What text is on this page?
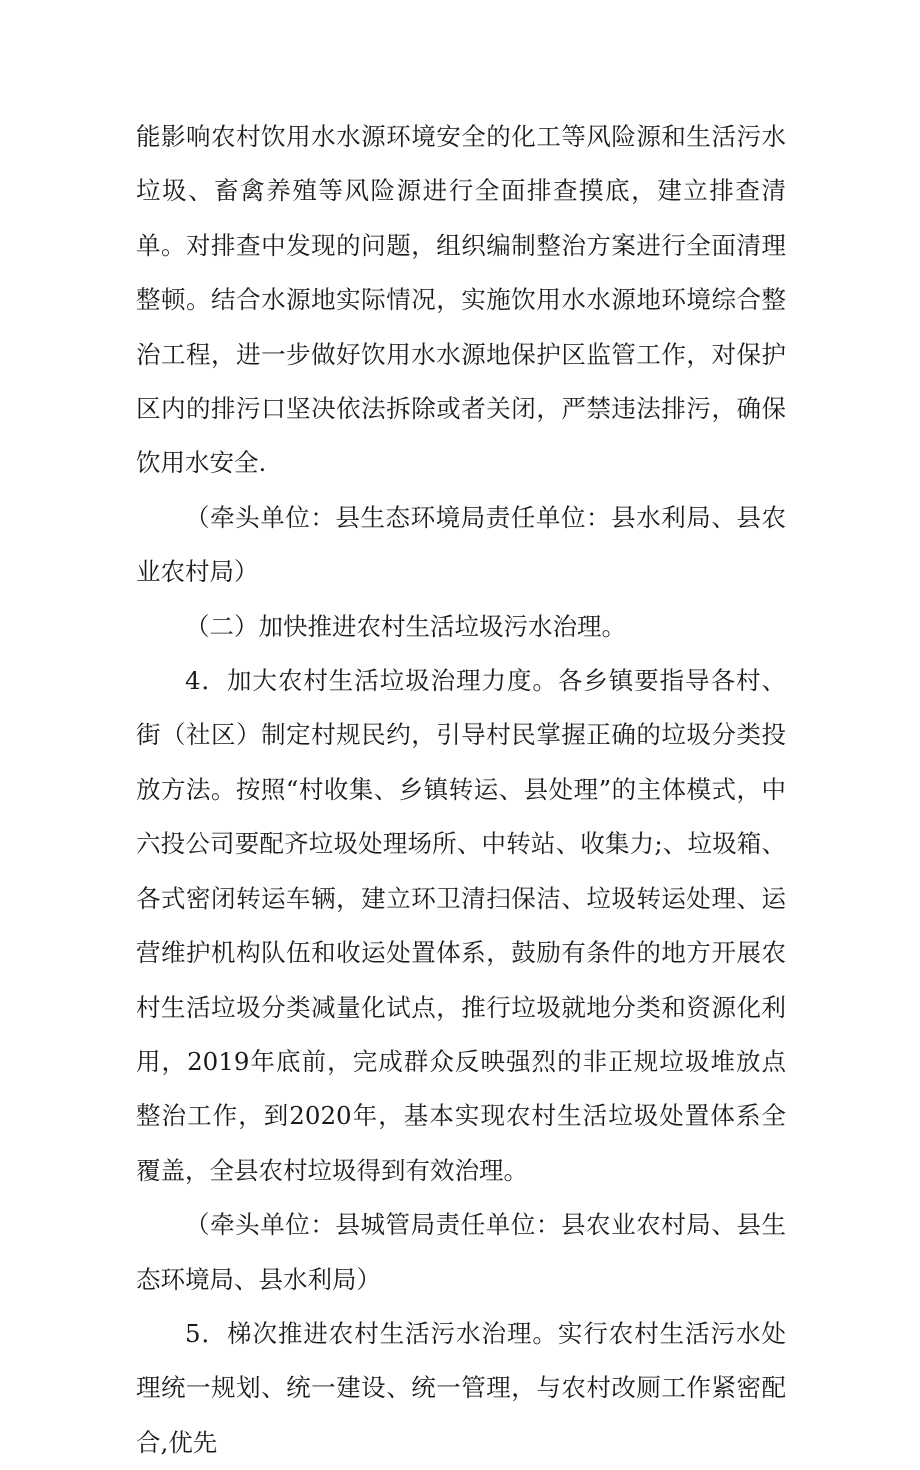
能影响农村饮用水水源环境安全的化工等风险源和生活污水垃圾、畜禽养殖等风险源进行全面排查摸底，建立排查清单。对排查中发现的问题，组织编制整治方案进行全面清理整顿。结合水源地实际情况，实施饮用水水源地环境综合整治工程，进一步做好饮用水水源地保护区监管工作，对保护区内的排污口坚决依法拆除或者关闭，严禁违法排污，确保饮用水安全.

（牵头单位：县生态环境局责任单位：县水利局、县农业农村局）

（二）加快推进农村生活垃圾污水治理。

4．加大农村生活垃圾治理力度。各乡镇要指导各村、街（社区）制定村规民约，引导村民掌握正确的垃圾分类投放方法。按照“村收集、乡镇转运、县处理”的主体模式，中六投公司要配齐垃圾处理场所、中转站、收集力;、垃圾箱、各式密闭转运车辆，建立环卫清扫保洁、垃圾转运处理、运营维护机构队伍和收运处置体系，鼓励有条件的地方开展农村生活垃圾分类减量化试点，推行垃圾就地分类和资源化利用，2019年底前，完成群众反映强烈的非正规垃圾堆放点整治工作，到2020年，基本实现农村生活垃圾处置体系全覆盖，全县农村垃圾得到有效治理。

（牵头单位：县城管局责任单位：县农业农村局、县生态环境局、县水利局）

5．梯次推进农村生活污水治理。实行农村生活污水处理统一规划、统一建设、统一管理，与农村改厕工作紧密配合,优先
